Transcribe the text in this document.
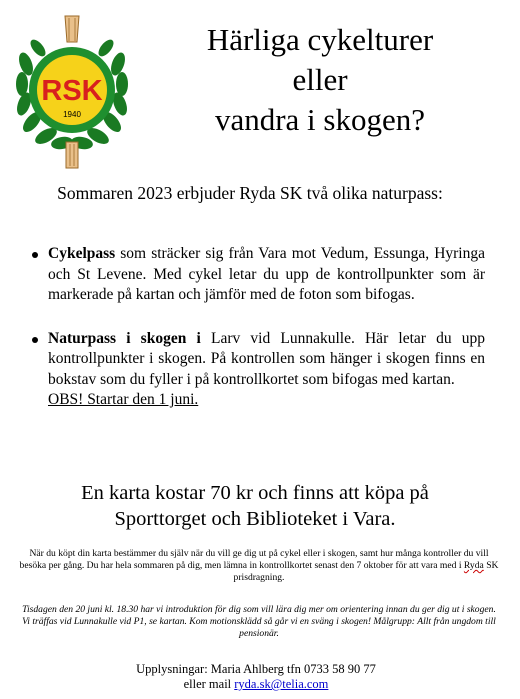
RSK
1940
Härliga cykelturer
eller
vandra i skogen?
Sommaren 2023 erbjuder Ryda SK två olika naturpass:
Cykelpass som sträcker sig från Vara mot Vedum, Essunga, Hyringa och St Levene. Med cykel letar du upp de kontrollpunkter som är markerade på kartan och jämför med de foton som bifogas.
Naturpass i skogen i Larv vid Lunnakulle. Här letar du upp kontrollpunkter i skogen. På kontrollen som hänger i skogen finns en bokstav som du fyller i på kontrollkortet som bifogas med kartan.
OBS! Startar den 1 juni.
En karta kostar 70 kr och finns att köpa på
Sporttorget och Biblioteket i Vara.
När du köpt din karta bestämmer du själv när du vill ge dig ut på cykel eller i skogen, samt hur många kontroller du vill besöka per gång. Du har hela sommaren på dig, men lämna in kontrollkortet senast den 7 oktober för att vara med i Ryda SK prisdragning.
Tisdagen den 20 juni kl. 18.30 har vi introduktion för dig som vill lära dig mer om orientering innan du ger dig ut i skogen. Vi träffas vid Lunnakulle vid P1, se kartan. Kom motionsklädd så går vi en sväng i skogen! Målgrupp: Allt från ungdom till pensionär.
Upplysningar: Maria Ahlberg tfn 0733 58 90 77
eller mail ryda.sk@telia.com
